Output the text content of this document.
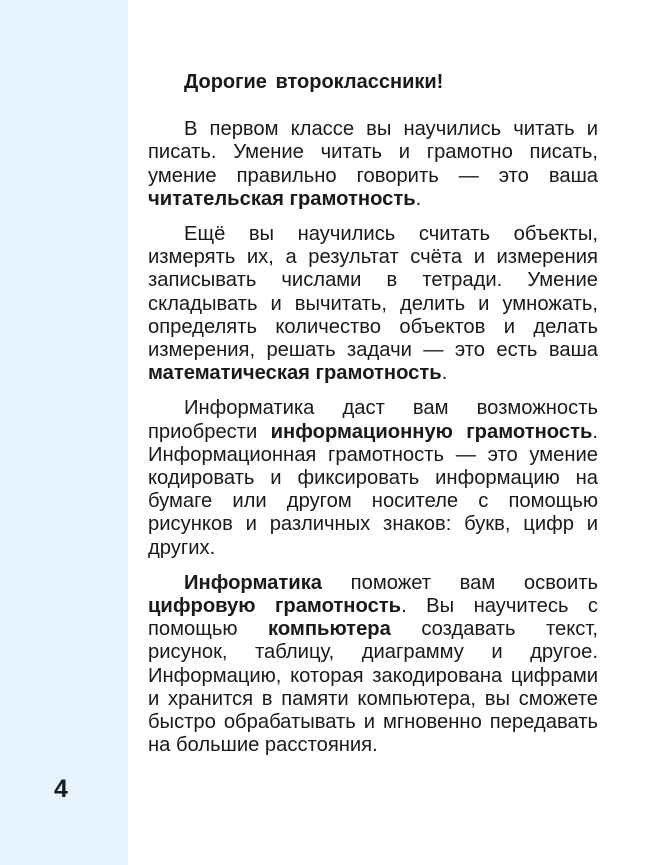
4

Дорогие второклассники!

В первом классе вы научились читать и писать. Умение читать и грамотно писать, умение правильно говорить — это ваша читательская грамотность.

Ещё вы научились считать объекты, измерять их, а результат счёта и измерения записывать числами в тетради. Умение складывать и вычитать, делить и умножать, определять количество объектов и делать измерения, решать задачи — это есть ваша математическая грамотность.

Информатика даст вам возможность приобрести информационную грамотность. Информационная грамотность — это умение кодировать и фиксировать информацию на бумаге или другом носителе с помощью рисунков и различных знаков: букв, цифр и других.

Информатика поможет вам освоить цифровую грамотность. Вы научитесь с помощью компьютера создавать текст, рисунок, таблицу, диаграмму и другое. Информацию, которая закодирована цифрами и хранится в памяти компьютера, вы сможете быстро обрабатывать и мгновенно передавать на большие расстояния.
